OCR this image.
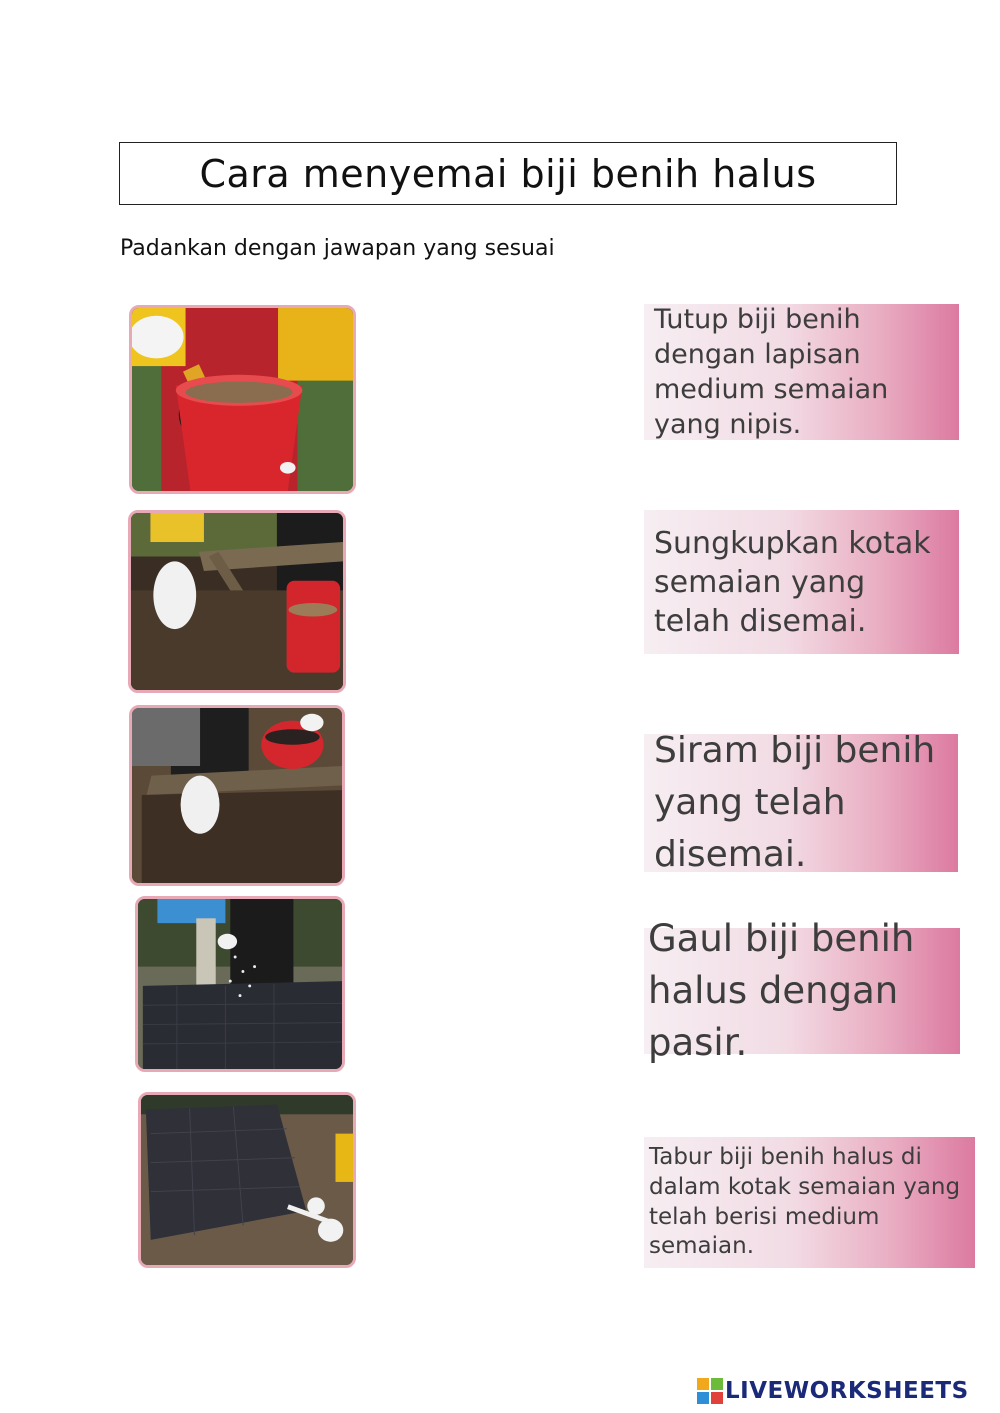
Cara menyemai biji benih halus
Padankan dengan jawapan yang sesuai
Tutup biji benih dengan lapisan medium semaian yang nipis.
Sungkupkan kotak semaian yang telah disemai.
Siram biji benih yang telah disemai.
Gaul biji benih halus dengan pasir.
Tabur biji benih halus di dalam kotak semaian yang telah berisi medium semaian.
LIVEWORKSHEETS
